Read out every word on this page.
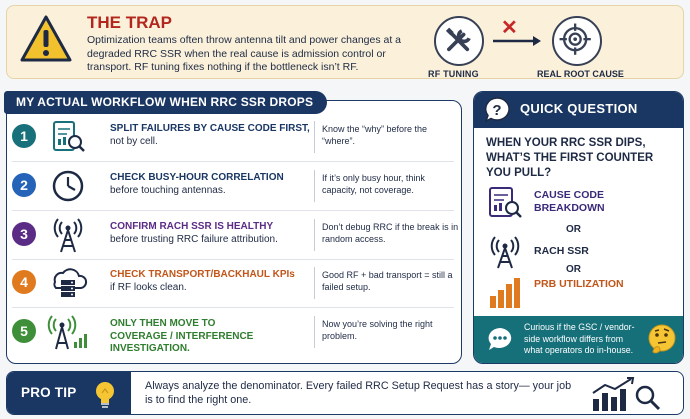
THE TRAP
Optimization teams often throw antenna tilt and power changes at a degraded RRC SSR when the real cause is admission control or transport. RF tuning fixes nothing if the bottleneck isn’t RF.
RF TUNING
✕
REAL ROOT CAUSE
MY ACTUAL WORKFLOW WHEN RRC SSR DROPS
1	SPLIT FAILURES BY CAUSE CODE FIRST,
not by cell.
Know the “why” before the “where”.
2	CHECK BUSY-HOUR CORRELATION
before touching antennas.
If it’s only busy hour, think capacity, not coverage.
3	CONFIRM RACH SSR IS HEALTHY
before trusting RRC failure attribution.
Don’t debug RRC if the break is in random access.
4	CHECK TRANSPORT/BACKHAUL KPIs
if RF looks clean.
Good RF + bad transport = still a failed setup.
5	ONLY THEN MOVE TO
COVERAGE / INTERFERENCE INVESTIGATION.
Now you’re solving the right problem.
? QUICK QUESTION
WHEN YOUR RRC SSR DIPS, WHAT’S THE FIRST COUNTER YOU PULL?
CAUSE CODE BREAKDOWN
OR
RACH SSR
OR
PRB UTILIZATION
Curious if the GSC / vendor-side workflow differs from what operators do in-house.
PRO TIP	Always analyze the denominator. Every failed RRC Setup Request has a story— your job is to find the right one.
